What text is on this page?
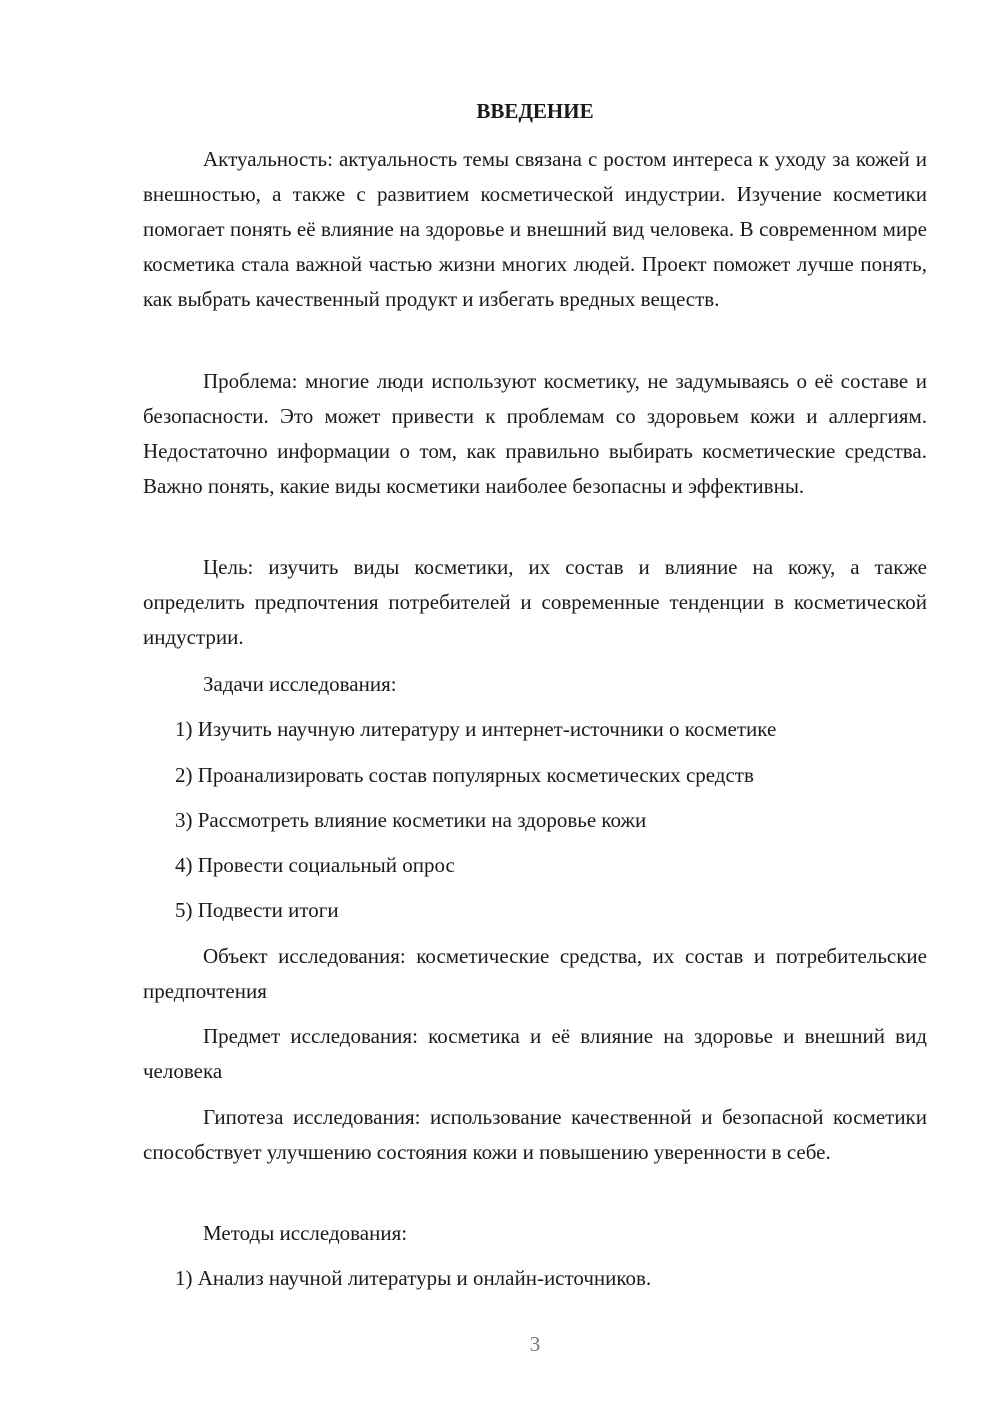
ВВЕДЕНИЕ

Актуальность: актуальность темы связана с ростом интереса к уходу за кожей и внешностью, а также с развитием косметической индустрии. Изучение косметики помогает понять её влияние на здоровье и внешний вид человека. В современном мире косметика стала важной частью жизни многих людей. Проект поможет лучше понять, как выбрать качественный продукт и избегать вредных веществ.

Проблема: многие люди используют косметику, не задумываясь о её составе и безопасности. Это может привести к проблемам со здоровьем кожи и аллергиям. Недостаточно информации о том, как правильно выбирать косметические средства. Важно понять, какие виды косметики наиболее безопасны и эффективны.

Цель: изучить виды косметики, их состав и влияние на кожу, а также определить предпочтения потребителей и современные тенденции в косметической индустрии.

Задачи исследования:

1) Изучить научную литературу и интернет-источники о косметике

2) Проанализировать состав популярных косметических средств

3) Рассмотреть влияние косметики на здоровье кожи

4) Провести социальный опрос

5) Подвести итоги

Объект исследования: косметические средства, их состав и потребительские предпочтения

Предмет исследования: косметика и её влияние на здоровье и внешний вид человека

Гипотеза исследования: использование качественной и безопасной косметики способствует улучшению состояния кожи и повышению уверенности в себе.

Методы исследования:

1) Анализ научной литературы и онлайн-источников.

3
